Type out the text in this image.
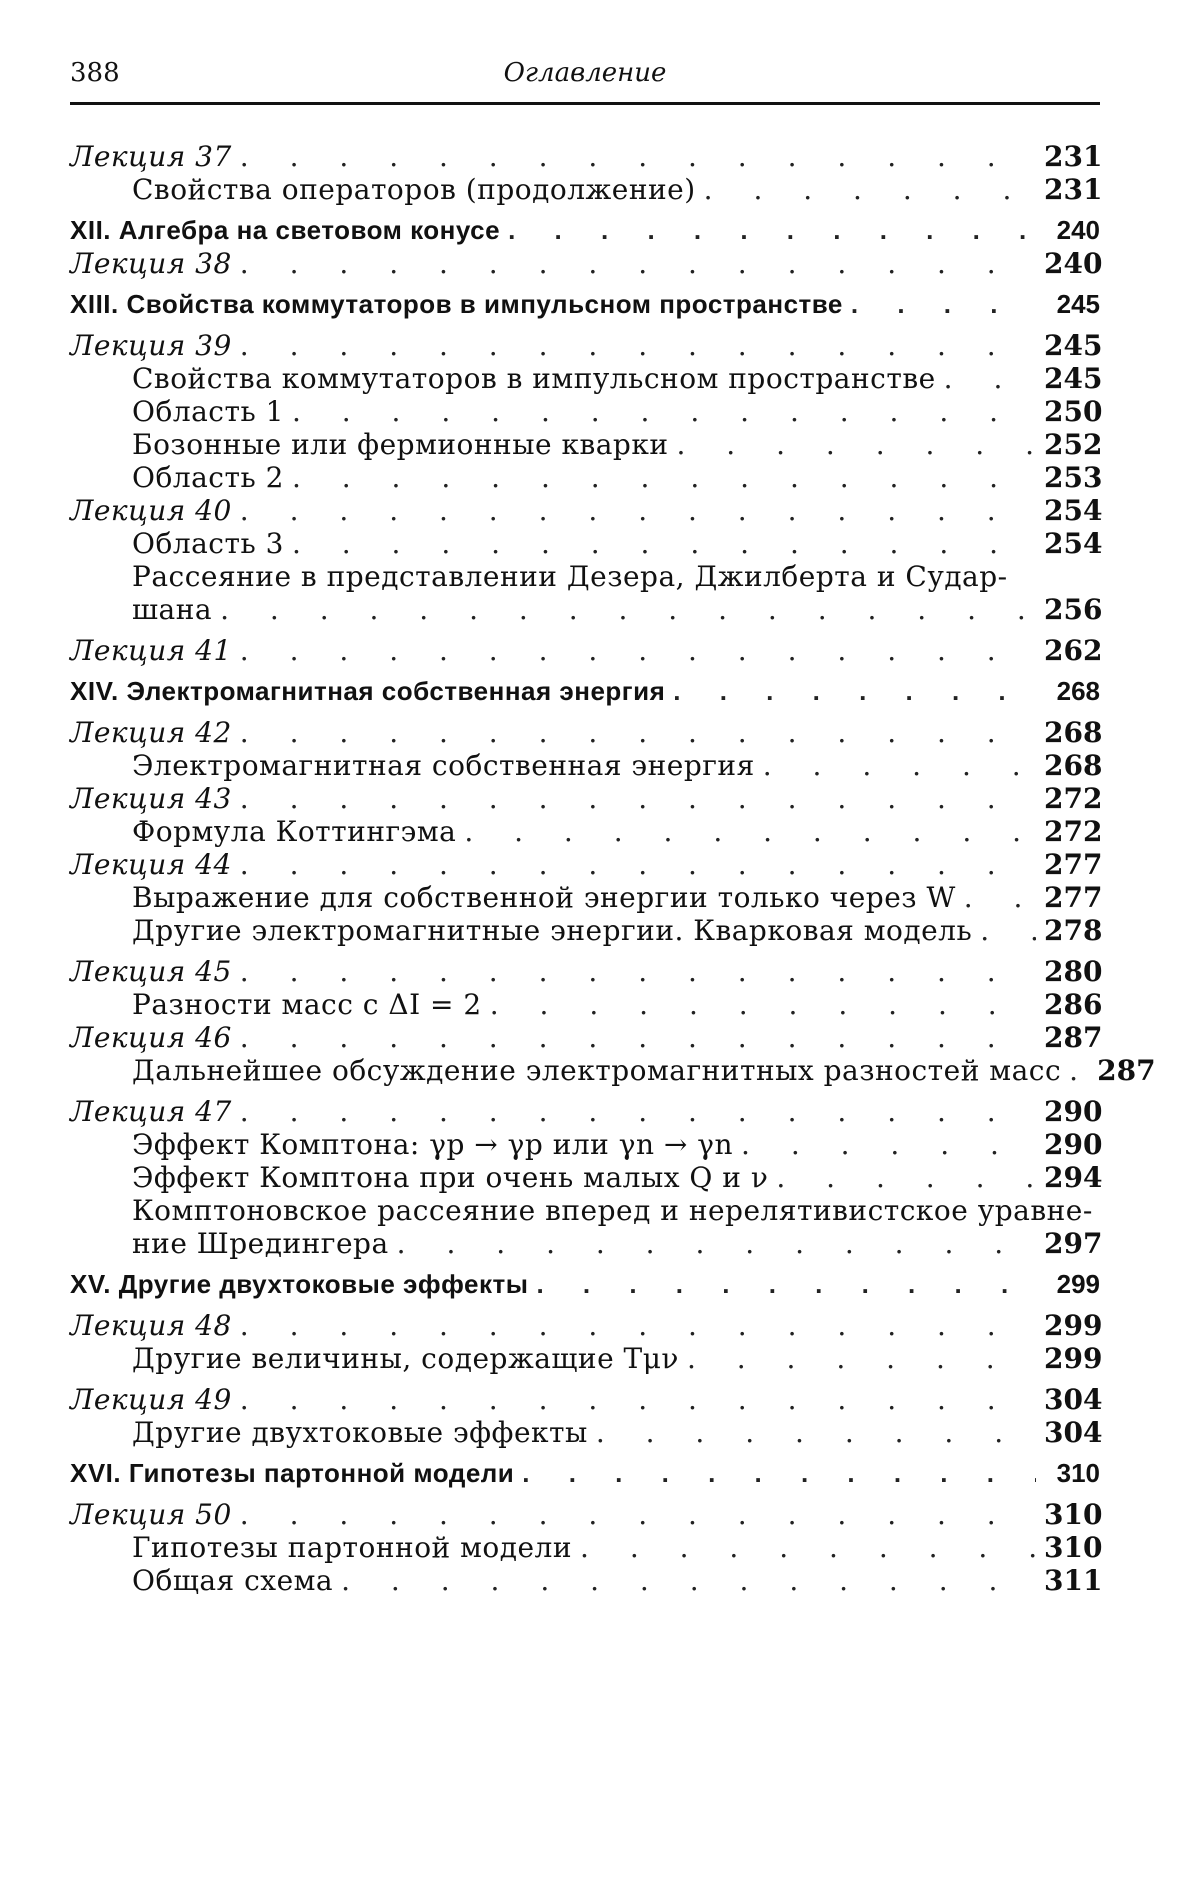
388	Оглавление
Лекция 37 . . .	231
Свойства операторов (продолжение) . . .	231
XII. Алгебра на световом конусе . . .	240
Лекция 38 . . .	240
XIII. Свойства коммутаторов в импульсном пространстве . . .	245
Лекция 39 . . .	245
Свойства коммутаторов в импульсном пространстве . . .	245
Область 1 . . .	250
Бозонные или фермионные кварки . . .	252
Область 2 . . .	253
Лекция 40 . . .	254
Область 3 . . .	254
Рассеяние в представлении Дезера, Джилберта и Судар-
шана . . .	256
Лекция 41 . . .	262
XIV. Электромагнитная собственная энергия . . .	268
Лекция 42 . . .	268
Электромагнитная собственная энергия . . .	268
Лекция 43 . . .	272
Формула Коттингэма . . .	272
Лекция 44 . . .	277
Выражение для собственной энергии только через W . . .	277
Другие электромагнитные энергии. Кварковая модель . . .	278
Лекция 45 . . .	280
Разности масс с ΔI = 2 . . .	286
Лекция 46 . . .	287
Дальнейшее обсуждение электромагнитных разностей масс . . . 287
Лекция 47 . . .	290
Эффект Комптона: γp → γp или γn → γn . . .	290
Эффект Комптона при очень малых Q и ν . . .	294
Комптоновское рассеяние вперед и нерелятивистское уравне-
ние Шредингера . . .	297
XV. Другие двухтоковые эффекты . . .	299
Лекция 48 . . .	299
Другие величины, содержащие Tμν . . .	299
Лекция 49 . . .	304
Другие двухтоковые эффекты . . .	304
XVI. Гипотезы партонной модели . . .	310
Лекция 50 . . .	310
Гипотезы партонной модели . . .	310
Общая схема . . .	311
